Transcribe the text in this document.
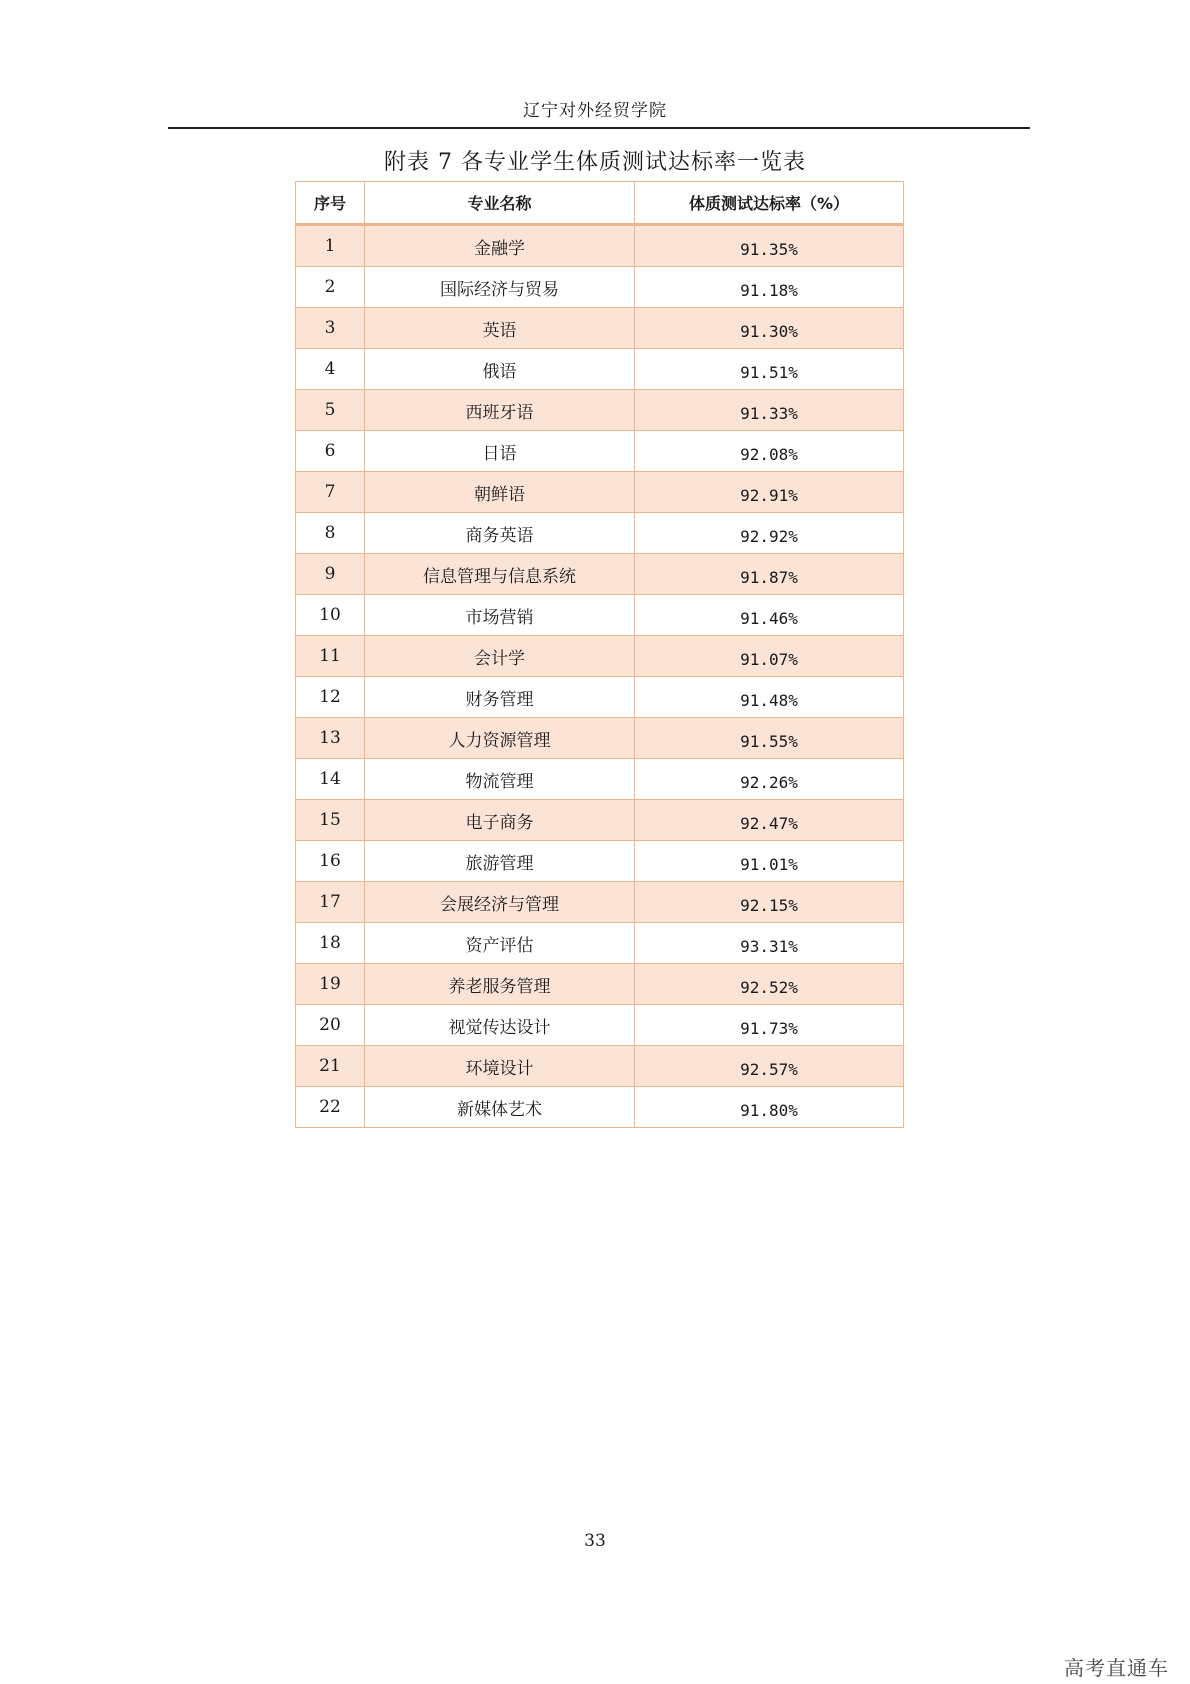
辽宁对外经贸学院
附表 7 各专业学生体质测试达标率一览表
序号	专业名称	体质测试达标率（%）
1	金融学	91.35%
2	国际经济与贸易	91.18%
3	英语	91.30%
4	俄语	91.51%
5	西班牙语	91.33%
6	日语	92.08%
7	朝鲜语	92.91%
8	商务英语	92.92%
9	信息管理与信息系统	91.87%
10	市场营销	91.46%
11	会计学	91.07%
12	财务管理	91.48%
13	人力资源管理	91.55%
14	物流管理	92.26%
15	电子商务	92.47%
16	旅游管理	91.01%
17	会展经济与管理	92.15%
18	资产评估	93.31%
19	养老服务管理	92.52%
20	视觉传达设计	91.73%
21	环境设计	92.57%
22	新媒体艺术	91.80%
33
高考直通车
